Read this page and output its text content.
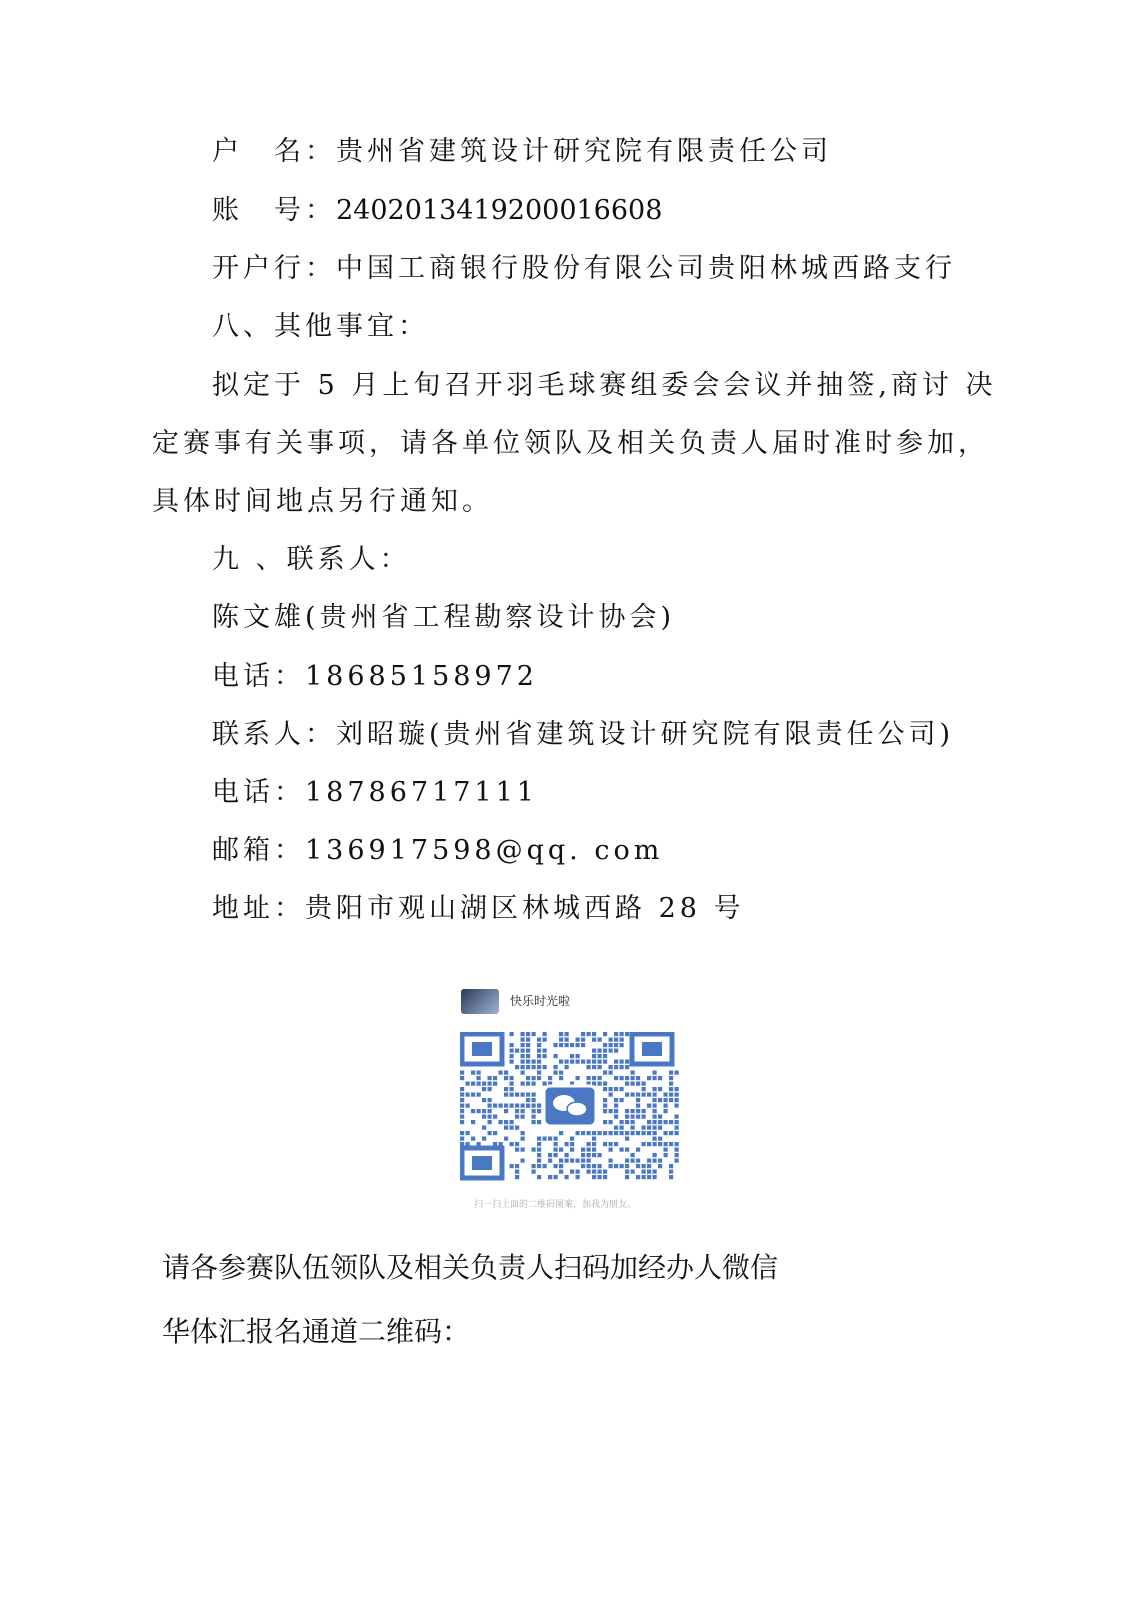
户　名：贵州省建筑设计研究院有限责任公司

账　号：2402013419200016608

开户行：中国工商银行股份有限公司贵阳林城西路支行

八、其他事宜：

拟定于 5 月上旬召开羽毛球赛组委会会议并抽签,商讨 决

定赛事有关事项，请各单位领队及相关负责人届时准时参加，

具体时间地点另行通知。

九 、联系人：

陈文雄(贵州省工程勘察设计协会)

电话：18685158972

联系人：刘昭璇(贵州省建筑设计研究院有限责任公司)

电话：18786717111

邮箱：136917598@qq. com

地址：贵阳市观山湖区林城西路 28 号

快乐时光啦
扫一扫上面的二维码图案，加我为朋友。

请各参赛队伍领队及相关负责人扫码加经办人微信

华体汇报名通道二维码：
